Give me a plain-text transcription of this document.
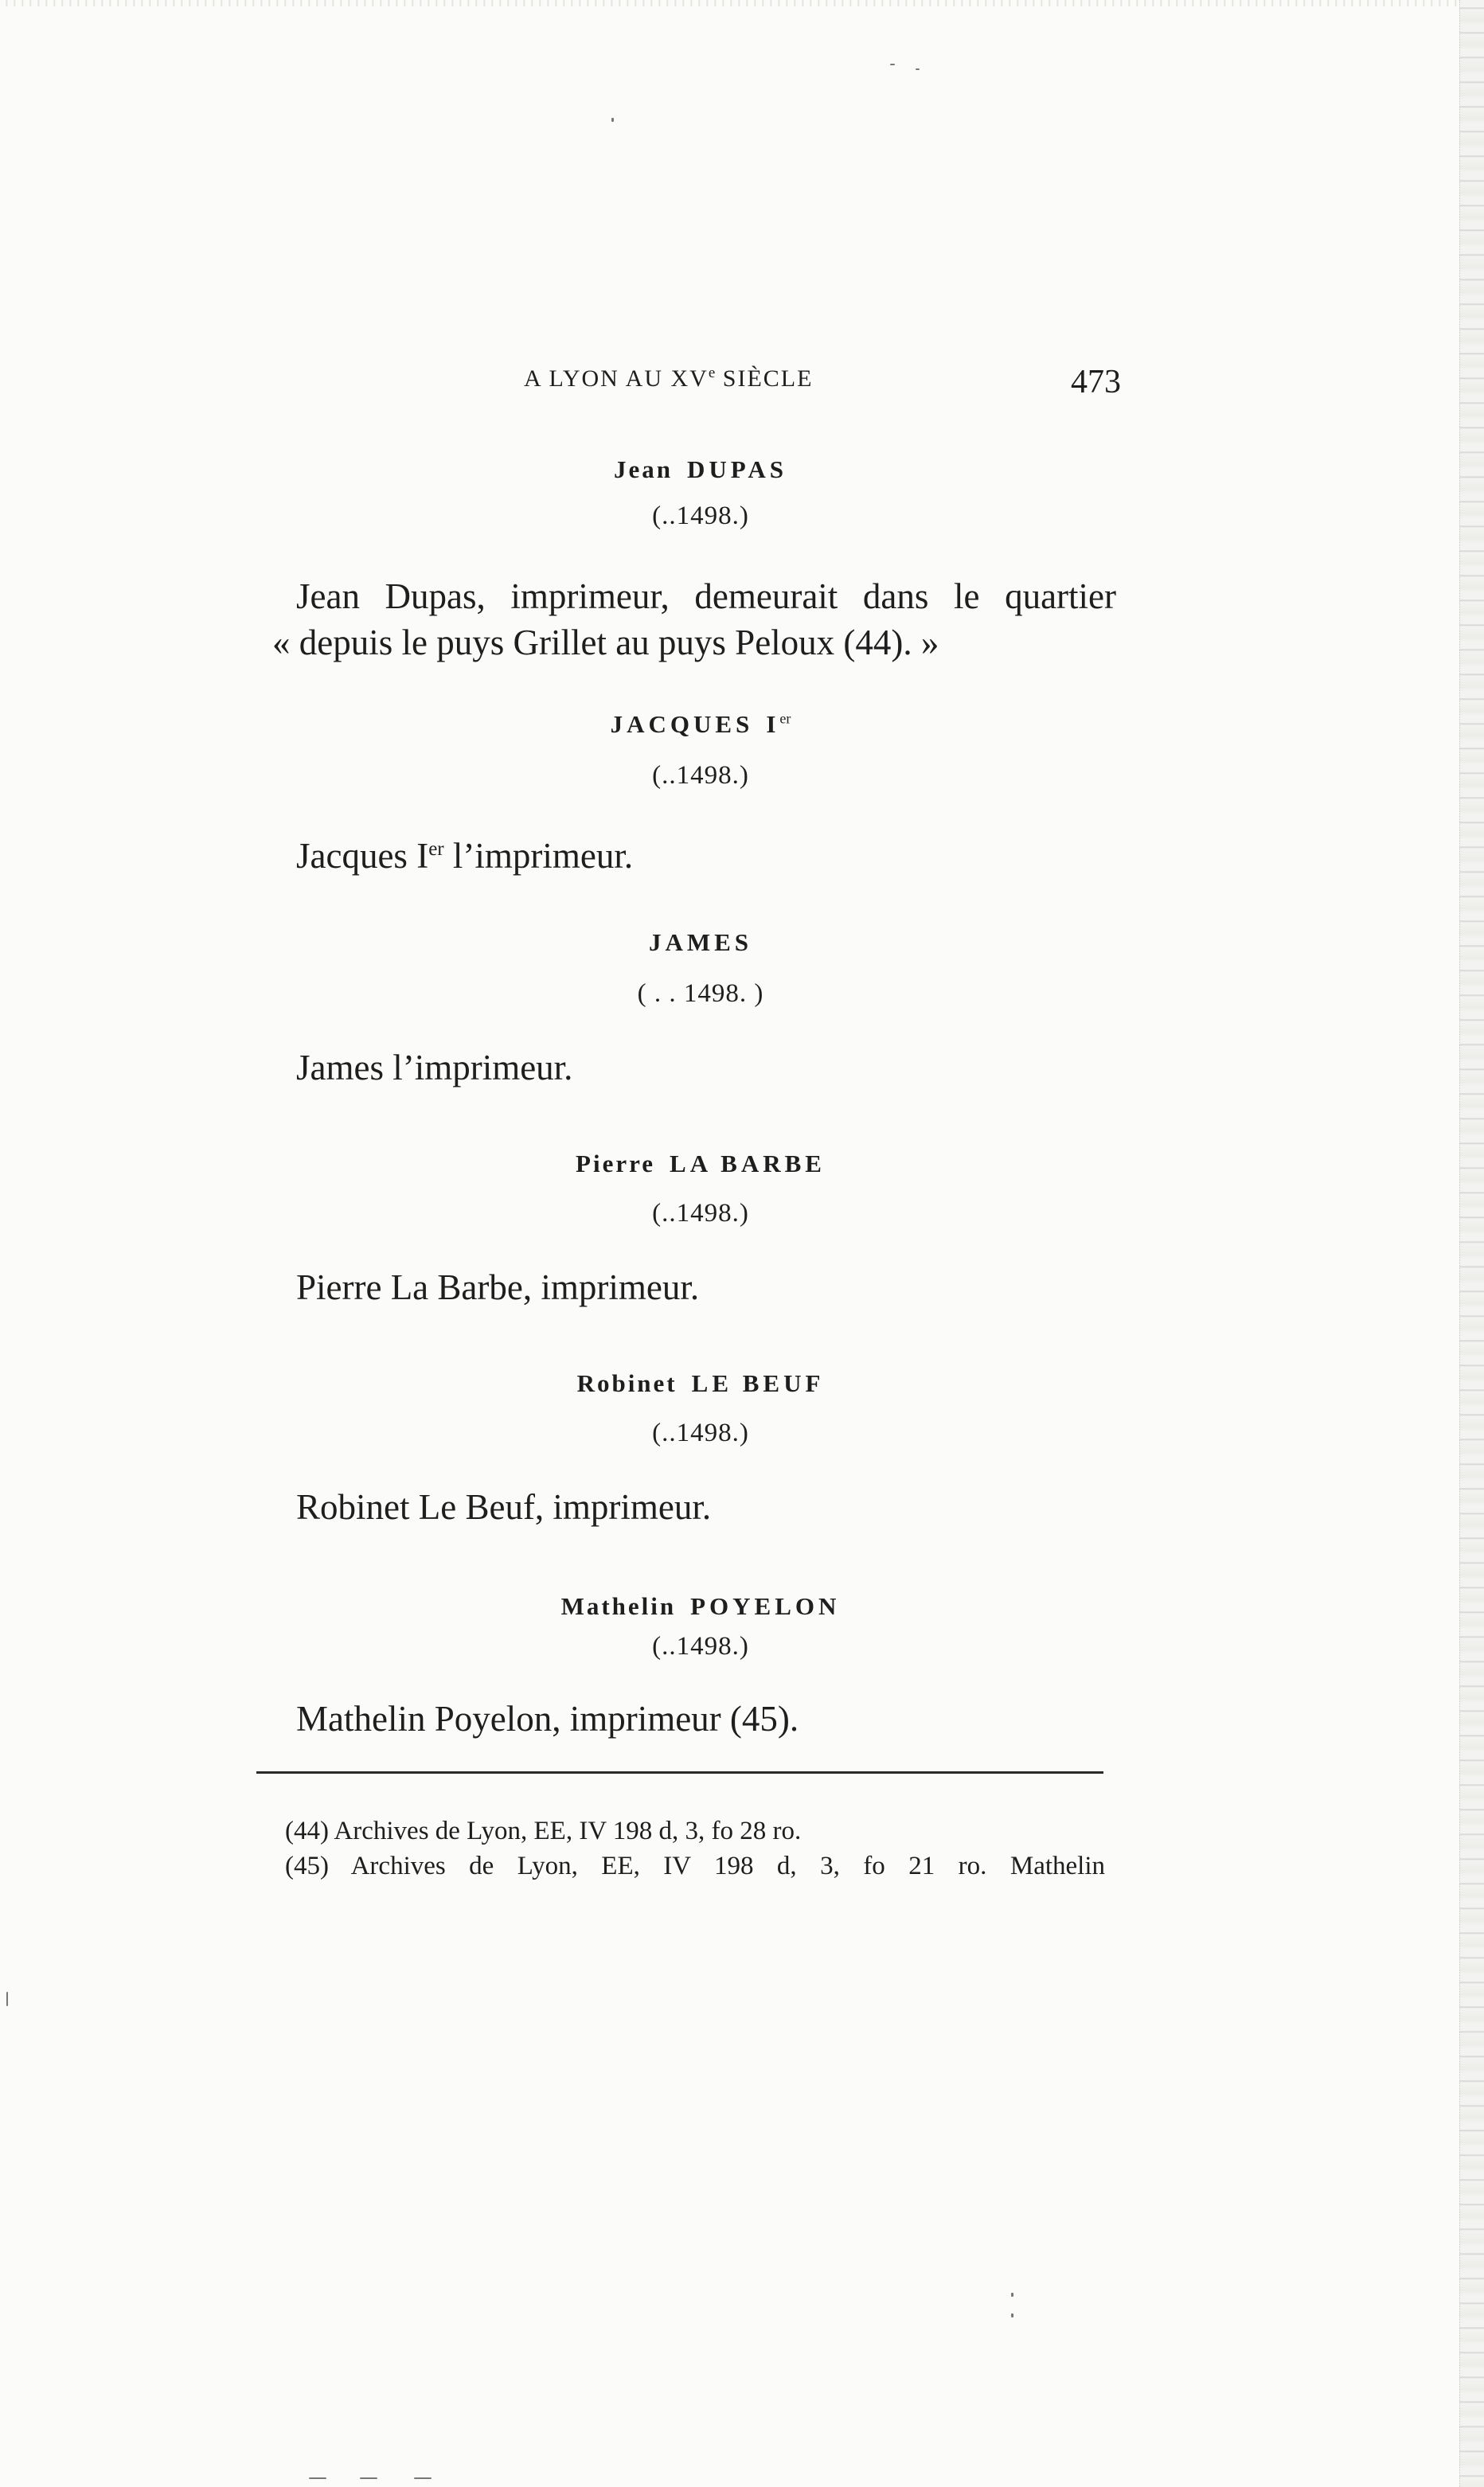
A LYON AU XVe SIÈCLE	473
Jean DUPAS
(..1498.)
Jean Dupas, imprimeur, demeurait dans le quartier
« depuis le puys Grillet au puys Peloux (44). »
JACQUES Ier
(..1498.)
Jacques Ier l’imprimeur.
JAMES
( . . 1498. )
James l’imprimeur.
Pierre LA BARBE
(..1498.)
Pierre La Barbe, imprimeur.
Robinet LE BEUF
(..1498.)
Robinet Le Beuf, imprimeur.
Mathelin POYELON
(..1498.)
Mathelin Poyelon, imprimeur (45).
(44) Archives de Lyon, EE, IV 198 d, 3, fo 28 ro.
(45) Archives de Lyon, EE, IV 198 d, 3, fo 21 ro. Mathelin
